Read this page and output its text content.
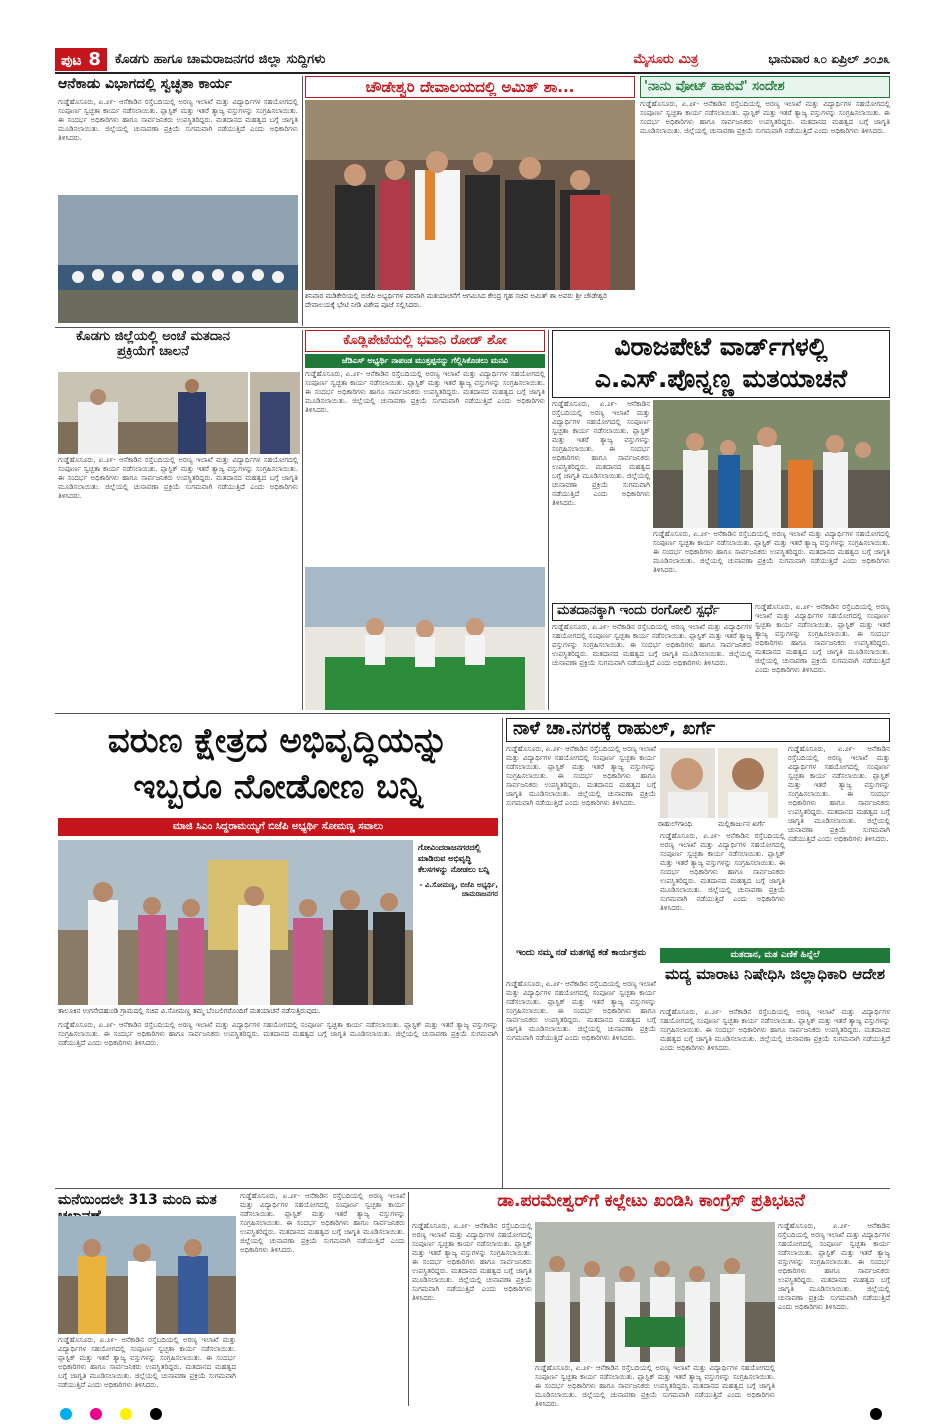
ಪುಟ 8	ಕೊಡಗು ಹಾಗೂ ಚಾಮರಾಜನಗರ ಜಿಲ್ಲಾ ಸುದ್ದಿಗಳು	ಮೈಸೂರು ಮಿತ್ರ	ಭಾನುವಾರ ೩೦ ಏಪ್ರಿಲ್ ೨೦೨೩
ಆನೆಕಾಡು ವಿಭಾಗದಲ್ಲಿ ಸ್ವಚ್ಛತಾ ಕಾರ್ಯ
ಗುಡ್ಡೆಹೊಸೂರು, ಏ.೨೯- ಆನೆಕಾಡಿನ ರಸ್ತೆಬದಿಯಲ್ಲಿ ಅರಣ್ಯ ಇಲಾಖೆ ಮತ್ತು ವಿದ್ಯಾರ್ಥಿಗಳ ಸಹಯೋಗದಲ್ಲಿ ಸಂಪೂರ್ಣ ಸ್ವಚ್ಛತಾ ಕಾರ್ಯ ನಡೆಸಲಾಯಿತು. ಪ್ಲಾಸ್ಟಿಕ್ ಮತ್ತು ಇತರೆ ತ್ಯಾಜ್ಯ ವಸ್ತುಗಳನ್ನು ಸಂಗ್ರಹಿಸಲಾಯಿತು. ಈ ಸಂದರ್ಭ ಅಧಿಕಾರಿಗಳು ಹಾಗೂ ಸಾರ್ವಜನಿಕರು ಉಪಸ್ಥಿತರಿದ್ದರು. ಮತದಾನದ ಮಹತ್ವದ ಬಗ್ಗೆ ಜಾಗೃತಿ ಮೂಡಿಸಲಾಯಿತು. ಜಿಲ್ಲೆಯಲ್ಲಿ ಚುನಾವಣಾ ಪ್ರಕ್ರಿಯೆ ಸುಗಮವಾಗಿ ನಡೆಯುತ್ತಿದೆ ಎಂದು ಅಧಿಕಾರಿಗಳು ತಿಳಿಸಿದರು.
ಚೌಡೇಶ್ವರಿ ದೇವಾಲಯದಲ್ಲಿ ಅಮಿತ್ ಶಾ...
ಶನಿವಾರ ಮಡಿಕೇರಿಯಲ್ಲಿ ಬಿಜೆಪಿ ಅಭ್ಯರ್ಥಿಗಳ ಪರವಾಗಿ ಮತಯಾಚನೆಗೆ ಆಗಮಿಸಿದ ಕೇಂದ್ರ ಗೃಹ ಸಚಿವ ಅಮಿತ್ ಶಾ ಅವರು ಶ್ರೀ ಚೌಡೇಶ್ವರಿ ದೇವಾಲಯಕ್ಕೆ ಭೇಟಿ ನೀಡಿ ವಿಶೇಷ ಪೂಜೆ ಸಲ್ಲಿಸಿದರು.
'ನಾನು ವೋಟ್ ಹಾಕುವೆ' ಸಂದೇಶ
ಗುಡ್ಡೆಹೊಸೂರು, ಏ.೨೯- ಆನೆಕಾಡಿನ ರಸ್ತೆಬದಿಯಲ್ಲಿ ಅರಣ್ಯ ಇಲಾಖೆ ಮತ್ತು ವಿದ್ಯಾರ್ಥಿಗಳ ಸಹಯೋಗದಲ್ಲಿ ಸಂಪೂರ್ಣ ಸ್ವಚ್ಛತಾ ಕಾರ್ಯ ನಡೆಸಲಾಯಿತು. ಪ್ಲಾಸ್ಟಿಕ್ ಮತ್ತು ಇತರೆ ತ್ಯಾಜ್ಯ ವಸ್ತುಗಳನ್ನು ಸಂಗ್ರಹಿಸಲಾಯಿತು. ಈ ಸಂದರ್ಭ ಅಧಿಕಾರಿಗಳು ಹಾಗೂ ಸಾರ್ವಜನಿಕರು ಉಪಸ್ಥಿತರಿದ್ದರು. ಮತದಾನದ ಮಹತ್ವದ ಬಗ್ಗೆ ಜಾಗೃತಿ ಮೂಡಿಸಲಾಯಿತು. ಜಿಲ್ಲೆಯಲ್ಲಿ ಚುನಾವಣಾ ಪ್ರಕ್ರಿಯೆ ಸುಗಮವಾಗಿ ನಡೆಯುತ್ತಿದೆ ಎಂದು ಅಧಿಕಾರಿಗಳು ತಿಳಿಸಿದರು.
ಕೊಡಗು ಜಿಲ್ಲೆಯಲ್ಲಿ ಅಂಚೆ ಮತದಾನ ಪ್ರಕ್ರಿಯೆಗೆ ಚಾಲನೆ
ಗುಡ್ಡೆಹೊಸೂರು, ಏ.೨೯- ಆನೆಕಾಡಿನ ರಸ್ತೆಬದಿಯಲ್ಲಿ ಅರಣ್ಯ ಇಲಾಖೆ ಮತ್ತು ವಿದ್ಯಾರ್ಥಿಗಳ ಸಹಯೋಗದಲ್ಲಿ ಸಂಪೂರ್ಣ ಸ್ವಚ್ಛತಾ ಕಾರ್ಯ ನಡೆಸಲಾಯಿತು. ಪ್ಲಾಸ್ಟಿಕ್ ಮತ್ತು ಇತರೆ ತ್ಯಾಜ್ಯ ವಸ್ತುಗಳನ್ನು ಸಂಗ್ರಹಿಸಲಾಯಿತು. ಈ ಸಂದರ್ಭ ಅಧಿಕಾರಿಗಳು ಹಾಗೂ ಸಾರ್ವಜನಿಕರು ಉಪಸ್ಥಿತರಿದ್ದರು. ಮತದಾನದ ಮಹತ್ವದ ಬಗ್ಗೆ ಜಾಗೃತಿ ಮೂಡಿಸಲಾಯಿತು. ಜಿಲ್ಲೆಯಲ್ಲಿ ಚುನಾವಣಾ ಪ್ರಕ್ರಿಯೆ ಸುಗಮವಾಗಿ ನಡೆಯುತ್ತಿದೆ ಎಂದು ಅಧಿಕಾರಿಗಳು ತಿಳಿಸಿದರು.
ಕೊಡ್ಲಿಪೇಟೆಯಲ್ಲಿ ಭವಾನಿ ರೋಡ್ ಶೋ
ಜೆಡಿಎಸ್ ಅಭ್ಯರ್ಥಿ ನಾಪಂಡ ಮುತ್ತಪ್ಪನನ್ನು ಗೆಲ್ಲಿಸಿಕೊಡಲು ಮನವಿ
ಗುಡ್ಡೆಹೊಸೂರು, ಏ.೨೯- ಆನೆಕಾಡಿನ ರಸ್ತೆಬದಿಯಲ್ಲಿ ಅರಣ್ಯ ಇಲಾಖೆ ಮತ್ತು ವಿದ್ಯಾರ್ಥಿಗಳ ಸಹಯೋಗದಲ್ಲಿ ಸಂಪೂರ್ಣ ಸ್ವಚ್ಛತಾ ಕಾರ್ಯ ನಡೆಸಲಾಯಿತು. ಪ್ಲಾಸ್ಟಿಕ್ ಮತ್ತು ಇತರೆ ತ್ಯಾಜ್ಯ ವಸ್ತುಗಳನ್ನು ಸಂಗ್ರಹಿಸಲಾಯಿತು. ಈ ಸಂದರ್ಭ ಅಧಿಕಾರಿಗಳು ಹಾಗೂ ಸಾರ್ವಜನಿಕರು ಉಪಸ್ಥಿತರಿದ್ದರು. ಮತದಾನದ ಮಹತ್ವದ ಬಗ್ಗೆ ಜಾಗೃತಿ ಮೂಡಿಸಲಾಯಿತು. ಜಿಲ್ಲೆಯಲ್ಲಿ ಚುನಾವಣಾ ಪ್ರಕ್ರಿಯೆ ಸುಗಮವಾಗಿ ನಡೆಯುತ್ತಿದೆ ಎಂದು ಅಧಿಕಾರಿಗಳು ತಿಳಿಸಿದರು.
ವಿರಾಜಪೇಟೆ ವಾರ್ಡ್‌ಗಳಲ್ಲಿ ಎ.ಎಸ್.ಪೊನ್ನಣ್ಣ ಮತಯಾಚನೆ
ಗುಡ್ಡೆಹೊಸೂರು, ಏ.೨೯- ಆನೆಕಾಡಿನ ರಸ್ತೆಬದಿಯಲ್ಲಿ ಅರಣ್ಯ ಇಲಾಖೆ ಮತ್ತು ವಿದ್ಯಾರ್ಥಿಗಳ ಸಹಯೋಗದಲ್ಲಿ ಸಂಪೂರ್ಣ ಸ್ವಚ್ಛತಾ ಕಾರ್ಯ ನಡೆಸಲಾಯಿತು. ಪ್ಲಾಸ್ಟಿಕ್ ಮತ್ತು ಇತರೆ ತ್ಯಾಜ್ಯ ವಸ್ತುಗಳನ್ನು ಸಂಗ್ರಹಿಸಲಾಯಿತು. ಈ ಸಂದರ್ಭ ಅಧಿಕಾರಿಗಳು ಹಾಗೂ ಸಾರ್ವಜನಿಕರು ಉಪಸ್ಥಿತರಿದ್ದರು. ಮತದಾನದ ಮಹತ್ವದ ಬಗ್ಗೆ ಜಾಗೃತಿ ಮೂಡಿಸಲಾಯಿತು. ಜಿಲ್ಲೆಯಲ್ಲಿ ಚುನಾವಣಾ ಪ್ರಕ್ರಿಯೆ ಸುಗಮವಾಗಿ ನಡೆಯುತ್ತಿದೆ ಎಂದು ಅಧಿಕಾರಿಗಳು ತಿಳಿಸಿದರು.
ಗುಡ್ಡೆಹೊಸೂರು, ಏ.೨೯- ಆನೆಕಾಡಿನ ರಸ್ತೆಬದಿಯಲ್ಲಿ ಅರಣ್ಯ ಇಲಾಖೆ ಮತ್ತು ವಿದ್ಯಾರ್ಥಿಗಳ ಸಹಯೋಗದಲ್ಲಿ ಸಂಪೂರ್ಣ ಸ್ವಚ್ಛತಾ ಕಾರ್ಯ ನಡೆಸಲಾಯಿತು. ಪ್ಲಾಸ್ಟಿಕ್ ಮತ್ತು ಇತರೆ ತ್ಯಾಜ್ಯ ವಸ್ತುಗಳನ್ನು ಸಂಗ್ರಹಿಸಲಾಯಿತು. ಈ ಸಂದರ್ಭ ಅಧಿಕಾರಿಗಳು ಹಾಗೂ ಸಾರ್ವಜನಿಕರು ಉಪಸ್ಥಿತರಿದ್ದರು. ಮತದಾನದ ಮಹತ್ವದ ಬಗ್ಗೆ ಜಾಗೃತಿ ಮೂಡಿಸಲಾಯಿತು. ಜಿಲ್ಲೆಯಲ್ಲಿ ಚುನಾವಣಾ ಪ್ರಕ್ರಿಯೆ ಸುಗಮವಾಗಿ ನಡೆಯುತ್ತಿದೆ ಎಂದು ಅಧಿಕಾರಿಗಳು ತಿಳಿಸಿದರು.
ಮತದಾನಕ್ಕಾಗಿ ಇಂದು ರಂಗೋಲಿ ಸ್ಪರ್ಧೆ
ಗುಡ್ಡೆಹೊಸೂರು, ಏ.೨೯- ಆನೆಕಾಡಿನ ರಸ್ತೆಬದಿಯಲ್ಲಿ ಅರಣ್ಯ ಇಲಾಖೆ ಮತ್ತು ವಿದ್ಯಾರ್ಥಿಗಳ ಸಹಯೋಗದಲ್ಲಿ ಸಂಪೂರ್ಣ ಸ್ವಚ್ಛತಾ ಕಾರ್ಯ ನಡೆಸಲಾಯಿತು. ಪ್ಲಾಸ್ಟಿಕ್ ಮತ್ತು ಇತರೆ ತ್ಯಾಜ್ಯ ವಸ್ತುಗಳನ್ನು ಸಂಗ್ರಹಿಸಲಾಯಿತು. ಈ ಸಂದರ್ಭ ಅಧಿಕಾರಿಗಳು ಹಾಗೂ ಸಾರ್ವಜನಿಕರು ಉಪಸ್ಥಿತರಿದ್ದರು. ಮತದಾನದ ಮಹತ್ವದ ಬಗ್ಗೆ ಜಾಗೃತಿ ಮೂಡಿಸಲಾಯಿತು. ಜಿಲ್ಲೆಯಲ್ಲಿ ಚುನಾವಣಾ ಪ್ರಕ್ರಿಯೆ ಸುಗಮವಾಗಿ ನಡೆಯುತ್ತಿದೆ ಎಂದು ಅಧಿಕಾರಿಗಳು ತಿಳಿಸಿದರು.
ಗುಡ್ಡೆಹೊಸೂರು, ಏ.೨೯- ಆನೆಕಾಡಿನ ರಸ್ತೆಬದಿಯಲ್ಲಿ ಅರಣ್ಯ ಇಲಾಖೆ ಮತ್ತು ವಿದ್ಯಾರ್ಥಿಗಳ ಸಹಯೋಗದಲ್ಲಿ ಸಂಪೂರ್ಣ ಸ್ವಚ್ಛತಾ ಕಾರ್ಯ ನಡೆಸಲಾಯಿತು. ಪ್ಲಾಸ್ಟಿಕ್ ಮತ್ತು ಇತರೆ ತ್ಯಾಜ್ಯ ವಸ್ತುಗಳನ್ನು ಸಂಗ್ರಹಿಸಲಾಯಿತು. ಈ ಸಂದರ್ಭ ಅಧಿಕಾರಿಗಳು ಹಾಗೂ ಸಾರ್ವಜನಿಕರು ಉಪಸ್ಥಿತರಿದ್ದರು. ಮತದಾನದ ಮಹತ್ವದ ಬಗ್ಗೆ ಜಾಗೃತಿ ಮೂಡಿಸಲಾಯಿತು. ಜಿಲ್ಲೆಯಲ್ಲಿ ಚುನಾವಣಾ ಪ್ರಕ್ರಿಯೆ ಸುಗಮವಾಗಿ ನಡೆಯುತ್ತಿದೆ ಎಂದು ಅಧಿಕಾರಿಗಳು ತಿಳಿಸಿದರು.
ವರುಣ ಕ್ಷೇತ್ರದ ಅಭಿವೃದ್ಧಿಯನ್ನು ಇಬ್ಬರೂ ನೋಡೋಣ ಬನ್ನಿ
ಮಾಜಿ ಸಿಎಂ ಸಿದ್ದರಾಮಯ್ಯಗೆ ಬಿಜೆಪಿ ಅಭ್ಯರ್ಥಿ ಸೋಮಣ್ಣ ಸವಾಲು
ಗೋವಿಂದರಾಜನಗರದಲ್ಲಿ ಮಾಡಿರುವ ಅಭಿವೃದ್ಧಿ ಕೆಲಸಗಳನ್ನು ನೋಡಲು ಬನ್ನಿ
- ವಿ.ಸೋಮಣ್ಣ, ಬಿಜೆಪಿ ಅಭ್ಯರ್ಥಿ, ಚಾಮರಾಜನಗರ
ತಾಲೂಕಿನ ಉಗನೇದಹುಂಡಿ ಗ್ರಾಮದಲ್ಲಿ ಸಚಿವ ವಿ.ಸೋಮಣ್ಣ ತಮ್ಮ ಬೆಂಬಲಿಗರೊಂದಿಗೆ ಮತಯಾಚನೆ ನಡೆಸುತ್ತಿರುವುದು.
ಗುಡ್ಡೆಹೊಸೂರು, ಏ.೨೯- ಆನೆಕಾಡಿನ ರಸ್ತೆಬದಿಯಲ್ಲಿ ಅರಣ್ಯ ಇಲಾಖೆ ಮತ್ತು ವಿದ್ಯಾರ್ಥಿಗಳ ಸಹಯೋಗದಲ್ಲಿ ಸಂಪೂರ್ಣ ಸ್ವಚ್ಛತಾ ಕಾರ್ಯ ನಡೆಸಲಾಯಿತು. ಪ್ಲಾಸ್ಟಿಕ್ ಮತ್ತು ಇತರೆ ತ್ಯಾಜ್ಯ ವಸ್ತುಗಳನ್ನು ಸಂಗ್ರಹಿಸಲಾಯಿತು. ಈ ಸಂದರ್ಭ ಅಧಿಕಾರಿಗಳು ಹಾಗೂ ಸಾರ್ವಜನಿಕರು ಉಪಸ್ಥಿತರಿದ್ದರು. ಮತದಾನದ ಮಹತ್ವದ ಬಗ್ಗೆ ಜಾಗೃತಿ ಮೂಡಿಸಲಾಯಿತು. ಜಿಲ್ಲೆಯಲ್ಲಿ ಚುನಾವಣಾ ಪ್ರಕ್ರಿಯೆ ಸುಗಮವಾಗಿ ನಡೆಯುತ್ತಿದೆ ಎಂದು ಅಧಿಕಾರಿಗಳು ತಿಳಿಸಿದರು.
ನಾಳೆ ಚಾ.ನಗರಕ್ಕೆ ರಾಹುಲ್, ಖರ್ಗೆ
ಗುಡ್ಡೆಹೊಸೂರು, ಏ.೨೯- ಆನೆಕಾಡಿನ ರಸ್ತೆಬದಿಯಲ್ಲಿ ಅರಣ್ಯ ಇಲಾಖೆ ಮತ್ತು ವಿದ್ಯಾರ್ಥಿಗಳ ಸಹಯೋಗದಲ್ಲಿ ಸಂಪೂರ್ಣ ಸ್ವಚ್ಛತಾ ಕಾರ್ಯ ನಡೆಸಲಾಯಿತು. ಪ್ಲಾಸ್ಟಿಕ್ ಮತ್ತು ಇತರೆ ತ್ಯಾಜ್ಯ ವಸ್ತುಗಳನ್ನು ಸಂಗ್ರಹಿಸಲಾಯಿತು. ಈ ಸಂದರ್ಭ ಅಧಿಕಾರಿಗಳು ಹಾಗೂ ಸಾರ್ವಜನಿಕರು ಉಪಸ್ಥಿತರಿದ್ದರು. ಮತದಾನದ ಮಹತ್ವದ ಬಗ್ಗೆ ಜಾಗೃತಿ ಮೂಡಿಸಲಾಯಿತು. ಜಿಲ್ಲೆಯಲ್ಲಿ ಚುನಾವಣಾ ಪ್ರಕ್ರಿಯೆ ಸುಗಮವಾಗಿ ನಡೆಯುತ್ತಿದೆ ಎಂದು ಅಧಿಕಾರಿಗಳು ತಿಳಿಸಿದರು.
ರಾಹುಲ್‌ಗಾಂಧಿ	ಮಲ್ಲಿಕಾರ್ಜುನ ಖರ್ಗೆ
ಗುಡ್ಡೆಹೊಸೂರು, ಏ.೨೯- ಆನೆಕಾಡಿನ ರಸ್ತೆಬದಿಯಲ್ಲಿ ಅರಣ್ಯ ಇಲಾಖೆ ಮತ್ತು ವಿದ್ಯಾರ್ಥಿಗಳ ಸಹಯೋಗದಲ್ಲಿ ಸಂಪೂರ್ಣ ಸ್ವಚ್ಛತಾ ಕಾರ್ಯ ನಡೆಸಲಾಯಿತು. ಪ್ಲಾಸ್ಟಿಕ್ ಮತ್ತು ಇತರೆ ತ್ಯಾಜ್ಯ ವಸ್ತುಗಳನ್ನು ಸಂಗ್ರಹಿಸಲಾಯಿತು. ಈ ಸಂದರ್ಭ ಅಧಿಕಾರಿಗಳು ಹಾಗೂ ಸಾರ್ವಜನಿಕರು ಉಪಸ್ಥಿತರಿದ್ದರು. ಮತದಾನದ ಮಹತ್ವದ ಬಗ್ಗೆ ಜಾಗೃತಿ ಮೂಡಿಸಲಾಯಿತು. ಜಿಲ್ಲೆಯಲ್ಲಿ ಚುನಾವಣಾ ಪ್ರಕ್ರಿಯೆ ಸುಗಮವಾಗಿ ನಡೆಯುತ್ತಿದೆ ಎಂದು ಅಧಿಕಾರಿಗಳು ತಿಳಿಸಿದರು.
ಗುಡ್ಡೆಹೊಸೂರು, ಏ.೨೯- ಆನೆಕಾಡಿನ ರಸ್ತೆಬದಿಯಲ್ಲಿ ಅರಣ್ಯ ಇಲಾಖೆ ಮತ್ತು ವಿದ್ಯಾರ್ಥಿಗಳ ಸಹಯೋಗದಲ್ಲಿ ಸಂಪೂರ್ಣ ಸ್ವಚ್ಛತಾ ಕಾರ್ಯ ನಡೆಸಲಾಯಿತು. ಪ್ಲಾಸ್ಟಿಕ್ ಮತ್ತು ಇತರೆ ತ್ಯಾಜ್ಯ ವಸ್ತುಗಳನ್ನು ಸಂಗ್ರಹಿಸಲಾಯಿತು. ಈ ಸಂದರ್ಭ ಅಧಿಕಾರಿಗಳು ಹಾಗೂ ಸಾರ್ವಜನಿಕರು ಉಪಸ್ಥಿತರಿದ್ದರು. ಮತದಾನದ ಮಹತ್ವದ ಬಗ್ಗೆ ಜಾಗೃತಿ ಮೂಡಿಸಲಾಯಿತು. ಜಿಲ್ಲೆಯಲ್ಲಿ ಚುನಾವಣಾ ಪ್ರಕ್ರಿಯೆ ಸುಗಮವಾಗಿ ನಡೆಯುತ್ತಿದೆ ಎಂದು ಅಧಿಕಾರಿಗಳು ತಿಳಿಸಿದರು.
ಇಂದು ನಮ್ಮ ನಡೆ ಮತಗಟ್ಟೆ ಕಡೆ ಕಾರ್ಯಕ್ರಮ
ಗುಡ್ಡೆಹೊಸೂರು, ಏ.೨೯- ಆನೆಕಾಡಿನ ರಸ್ತೆಬದಿಯಲ್ಲಿ ಅರಣ್ಯ ಇಲಾಖೆ ಮತ್ತು ವಿದ್ಯಾರ್ಥಿಗಳ ಸಹಯೋಗದಲ್ಲಿ ಸಂಪೂರ್ಣ ಸ್ವಚ್ಛತಾ ಕಾರ್ಯ ನಡೆಸಲಾಯಿತು. ಪ್ಲಾಸ್ಟಿಕ್ ಮತ್ತು ಇತರೆ ತ್ಯಾಜ್ಯ ವಸ್ತುಗಳನ್ನು ಸಂಗ್ರಹಿಸಲಾಯಿತು. ಈ ಸಂದರ್ಭ ಅಧಿಕಾರಿಗಳು ಹಾಗೂ ಸಾರ್ವಜನಿಕರು ಉಪಸ್ಥಿತರಿದ್ದರು. ಮತದಾನದ ಮಹತ್ವದ ಬಗ್ಗೆ ಜಾಗೃತಿ ಮೂಡಿಸಲಾಯಿತು. ಜಿಲ್ಲೆಯಲ್ಲಿ ಚುನಾವಣಾ ಪ್ರಕ್ರಿಯೆ ಸುಗಮವಾಗಿ ನಡೆಯುತ್ತಿದೆ ಎಂದು ಅಧಿಕಾರಿಗಳು ತಿಳಿಸಿದರು.
ಮತದಾನ, ಮತ ಎಣಿಕೆ ಹಿನ್ನೆಲೆ
ಮದ್ಯ ಮಾರಾಟ ನಿಷೇಧಿಸಿ ಜಿಲ್ಲಾಧಿಕಾರಿ ಆದೇಶ
ಗುಡ್ಡೆಹೊಸೂರು, ಏ.೨೯- ಆನೆಕಾಡಿನ ರಸ್ತೆಬದಿಯಲ್ಲಿ ಅರಣ್ಯ ಇಲಾಖೆ ಮತ್ತು ವಿದ್ಯಾರ್ಥಿಗಳ ಸಹಯೋಗದಲ್ಲಿ ಸಂಪೂರ್ಣ ಸ್ವಚ್ಛತಾ ಕಾರ್ಯ ನಡೆಸಲಾಯಿತು. ಪ್ಲಾಸ್ಟಿಕ್ ಮತ್ತು ಇತರೆ ತ್ಯಾಜ್ಯ ವಸ್ತುಗಳನ್ನು ಸಂಗ್ರಹಿಸಲಾಯಿತು. ಈ ಸಂದರ್ಭ ಅಧಿಕಾರಿಗಳು ಹಾಗೂ ಸಾರ್ವಜನಿಕರು ಉಪಸ್ಥಿತರಿದ್ದರು. ಮತದಾನದ ಮಹತ್ವದ ಬಗ್ಗೆ ಜಾಗೃತಿ ಮೂಡಿಸಲಾಯಿತು. ಜಿಲ್ಲೆಯಲ್ಲಿ ಚುನಾವಣಾ ಪ್ರಕ್ರಿಯೆ ಸುಗಮವಾಗಿ ನಡೆಯುತ್ತಿದೆ ಎಂದು ಅಧಿಕಾರಿಗಳು ತಿಳಿಸಿದರು.
ಮನೆಯಿಂದಲೇ 313 ಮಂದಿ ಮತ
ಗುಡ್ಡೆಹೊಸೂರು, ಏ.೨೯- ಆನೆಕಾಡಿನ ರಸ್ತೆಬದಿಯಲ್ಲಿ ಅರಣ್ಯ ಇಲಾಖೆ ಮತ್ತು ವಿದ್ಯಾರ್ಥಿಗಳ ಸಹಯೋಗದಲ್ಲಿ ಸಂಪೂರ್ಣ ಸ್ವಚ್ಛತಾ ಕಾರ್ಯ ನಡೆಸಲಾಯಿತು. ಪ್ಲಾಸ್ಟಿಕ್ ಮತ್ತು ಇತರೆ ತ್ಯಾಜ್ಯ ವಸ್ತುಗಳನ್ನು ಸಂಗ್ರಹಿಸಲಾಯಿತು. ಈ ಸಂದರ್ಭ ಅಧಿಕಾರಿಗಳು ಹಾಗೂ ಸಾರ್ವಜನಿಕರು ಉಪಸ್ಥಿತರಿದ್ದರು. ಮತದಾನದ ಮಹತ್ವದ ಬಗ್ಗೆ ಜಾಗೃತಿ ಮೂಡಿಸಲಾಯಿತು. ಜಿಲ್ಲೆಯಲ್ಲಿ ಚುನಾವಣಾ ಪ್ರಕ್ರಿಯೆ ಸುಗಮವಾಗಿ ನಡೆಯುತ್ತಿದೆ ಎಂದು ಅಧಿಕಾರಿಗಳು ತಿಳಿಸಿದರು.
ಗುಡ್ಡೆಹೊಸೂರು, ಏ.೨೯- ಆನೆಕಾಡಿನ ರಸ್ತೆಬದಿಯಲ್ಲಿ ಅರಣ್ಯ ಇಲಾಖೆ ಮತ್ತು ವಿದ್ಯಾರ್ಥಿಗಳ ಸಹಯೋಗದಲ್ಲಿ ಸಂಪೂರ್ಣ ಸ್ವಚ್ಛತಾ ಕಾರ್ಯ ನಡೆಸಲಾಯಿತು. ಪ್ಲಾಸ್ಟಿಕ್ ಮತ್ತು ಇತರೆ ತ್ಯಾಜ್ಯ ವಸ್ತುಗಳನ್ನು ಸಂಗ್ರಹಿಸಲಾಯಿತು. ಈ ಸಂದರ್ಭ ಅಧಿಕಾರಿಗಳು ಹಾಗೂ ಸಾರ್ವಜನಿಕರು ಉಪಸ್ಥಿತರಿದ್ದರು. ಮತದಾನದ ಮಹತ್ವದ ಬಗ್ಗೆ ಜಾಗೃತಿ ಮೂಡಿಸಲಾಯಿತು. ಜಿಲ್ಲೆಯಲ್ಲಿ ಚುನಾವಣಾ ಪ್ರಕ್ರಿಯೆ ಸುಗಮವಾಗಿ ನಡೆಯುತ್ತಿದೆ ಎಂದು ಅಧಿಕಾರಿಗಳು ತಿಳಿಸಿದರು.
ಡಾ.ಪರಮೇಶ್ವರ್‌ಗೆ ಕಲ್ಲೇಟು ಖಂಡಿಸಿ ಕಾಂಗ್ರೆಸ್ ಪ್ರತಿಭಟನೆ
ಗುಡ್ಡೆಹೊಸೂರು, ಏ.೨೯- ಆನೆಕಾಡಿನ ರಸ್ತೆಬದಿಯಲ್ಲಿ ಅರಣ್ಯ ಇಲಾಖೆ ಮತ್ತು ವಿದ್ಯಾರ್ಥಿಗಳ ಸಹಯೋಗದಲ್ಲಿ ಸಂಪೂರ್ಣ ಸ್ವಚ್ಛತಾ ಕಾರ್ಯ ನಡೆಸಲಾಯಿತು. ಪ್ಲಾಸ್ಟಿಕ್ ಮತ್ತು ಇತರೆ ತ್ಯಾಜ್ಯ ವಸ್ತುಗಳನ್ನು ಸಂಗ್ರಹಿಸಲಾಯಿತು. ಈ ಸಂದರ್ಭ ಅಧಿಕಾರಿಗಳು ಹಾಗೂ ಸಾರ್ವಜನಿಕರು ಉಪಸ್ಥಿತರಿದ್ದರು. ಮತದಾನದ ಮಹತ್ವದ ಬಗ್ಗೆ ಜಾಗೃತಿ ಮೂಡಿಸಲಾಯಿತು. ಜಿಲ್ಲೆಯಲ್ಲಿ ಚುನಾವಣಾ ಪ್ರಕ್ರಿಯೆ ಸುಗಮವಾಗಿ ನಡೆಯುತ್ತಿದೆ ಎಂದು ಅಧಿಕಾರಿಗಳು ತಿಳಿಸಿದರು.
ಗುಡ್ಡೆಹೊಸೂರು, ಏ.೨೯- ಆನೆಕಾಡಿನ ರಸ್ತೆಬದಿಯಲ್ಲಿ ಅರಣ್ಯ ಇಲಾಖೆ ಮತ್ತು ವಿದ್ಯಾರ್ಥಿಗಳ ಸಹಯೋಗದಲ್ಲಿ ಸಂಪೂರ್ಣ ಸ್ವಚ್ಛತಾ ಕಾರ್ಯ ನಡೆಸಲಾಯಿತು. ಪ್ಲಾಸ್ಟಿಕ್ ಮತ್ತು ಇತರೆ ತ್ಯಾಜ್ಯ ವಸ್ತುಗಳನ್ನು ಸಂಗ್ರಹಿಸಲಾಯಿತು. ಈ ಸಂದರ್ಭ ಅಧಿಕಾರಿಗಳು ಹಾಗೂ ಸಾರ್ವಜನಿಕರು ಉಪಸ್ಥಿತರಿದ್ದರು. ಮತದಾನದ ಮಹತ್ವದ ಬಗ್ಗೆ ಜಾಗೃತಿ ಮೂಡಿಸಲಾಯಿತು. ಜಿಲ್ಲೆಯಲ್ಲಿ ಚುನಾವಣಾ ಪ್ರಕ್ರಿಯೆ ಸುಗಮವಾಗಿ ನಡೆಯುತ್ತಿದೆ ಎಂದು ಅಧಿಕಾರಿಗಳು ತಿಳಿಸಿದರು.
ಗುಡ್ಡೆಹೊಸೂರು, ಏ.೨೯- ಆನೆಕಾಡಿನ ರಸ್ತೆಬದಿಯಲ್ಲಿ ಅರಣ್ಯ ಇಲಾಖೆ ಮತ್ತು ವಿದ್ಯಾರ್ಥಿಗಳ ಸಹಯೋಗದಲ್ಲಿ ಸಂಪೂರ್ಣ ಸ್ವಚ್ಛತಾ ಕಾರ್ಯ ನಡೆಸಲಾಯಿತು. ಪ್ಲಾಸ್ಟಿಕ್ ಮತ್ತು ಇತರೆ ತ್ಯಾಜ್ಯ ವಸ್ತುಗಳನ್ನು ಸಂಗ್ರಹಿಸಲಾಯಿತು. ಈ ಸಂದರ್ಭ ಅಧಿಕಾರಿಗಳು ಹಾಗೂ ಸಾರ್ವಜನಿಕರು ಉಪಸ್ಥಿತರಿದ್ದರು. ಮತದಾನದ ಮಹತ್ವದ ಬಗ್ಗೆ ಜಾಗೃತಿ ಮೂಡಿಸಲಾಯಿತು. ಜಿಲ್ಲೆಯಲ್ಲಿ ಚುನಾವಣಾ ಪ್ರಕ್ರಿಯೆ ಸುಗಮವಾಗಿ ನಡೆಯುತ್ತಿದೆ ಎಂದು ಅಧಿಕಾರಿಗಳು ತಿಳಿಸಿದರು.
